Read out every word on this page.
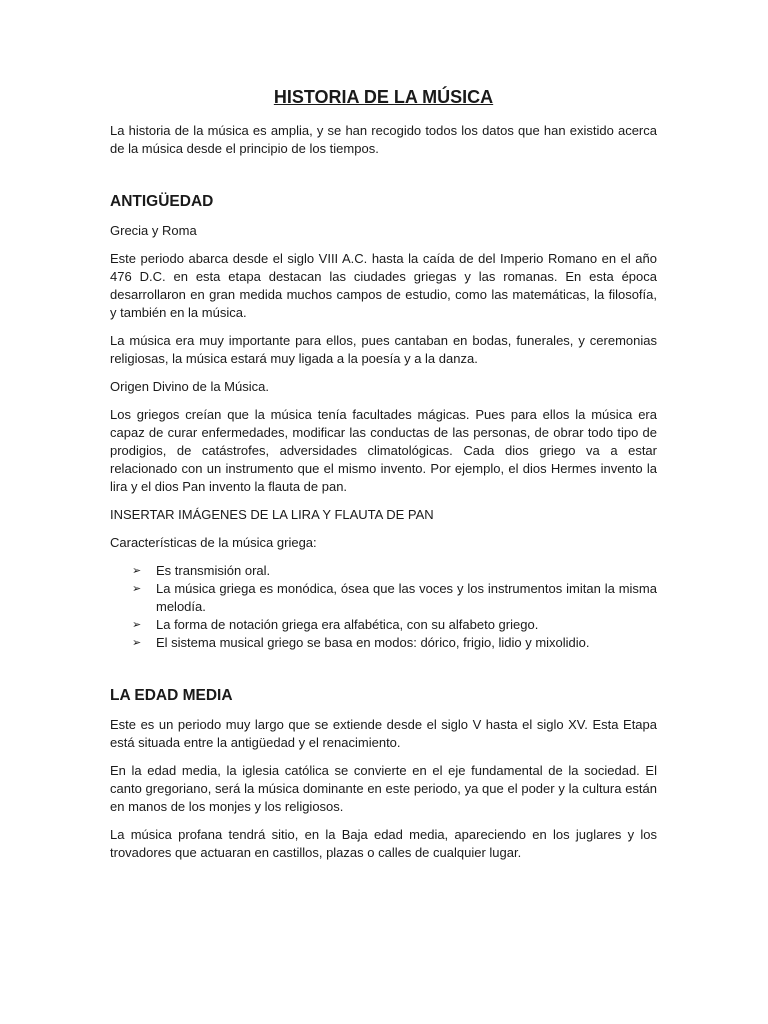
HISTORIA DE LA MÚSICA

La historia de la música es amplia, y se han recogido todos los datos que han existido acerca de la música desde el principio de los tiempos.

ANTIGÜEDAD

Grecia y Roma

Este periodo abarca desde el siglo VIII A.C. hasta la caída de del Imperio Romano en el año 476 D.C. en esta etapa destacan las ciudades griegas y las romanas. En esta época desarrollaron en gran medida muchos campos de estudio, como las matemáticas, la filosofía, y también en la música.

La música era muy importante para ellos, pues cantaban en bodas, funerales, y ceremonias religiosas, la música estará muy ligada a la poesía y a la danza.

Origen Divino de la Música.

Los griegos creían que la música tenía facultades mágicas. Pues para ellos la música era capaz de curar enfermedades, modificar las conductas de las personas, de obrar todo tipo de prodigios, de catástrofes, adversidades climatológicas. Cada dios griego va a estar relacionado con un instrumento que el mismo invento. Por ejemplo, el dios Hermes invento la lira y el dios Pan invento la flauta de pan.

INSERTAR IMÁGENES DE LA LIRA Y FLAUTA DE PAN

Características de la música griega:

➢ Es transmisión oral.
➢ La música griega es monódica, ósea que las voces y los instrumentos imitan la misma melodía.
➢ La forma de notación griega era alfabética, con su alfabeto griego.
➢ El sistema musical griego se basa en modos: dórico, frigio, lidio y mixolidio.
LA EDAD MEDIA

Este es un periodo muy largo que se extiende desde el siglo V hasta el siglo XV. Esta Etapa está situada entre la antigüedad y el renacimiento.

En la edad media, la iglesia católica se convierte en el eje fundamental de la sociedad. El canto gregoriano, será la música dominante en este periodo, ya que el poder y la cultura están en manos de los monjes y los religiosos.

La música profana tendrá sitio, en la Baja edad media, apareciendo en los juglares y los trovadores que actuaran en castillos, plazas o calles de cualquier lugar.
